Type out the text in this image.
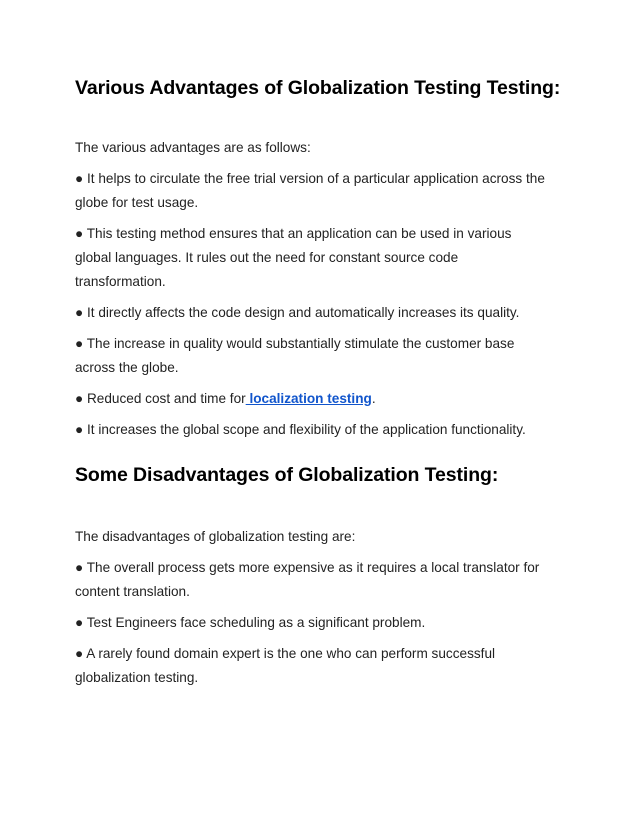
Various Advantages of Globalization Testing Testing:

The various advantages are as follows:

● It helps to circulate the free trial version of a particular application across the

globe for test usage.

● This testing method ensures that an application can be used in various

global languages. It rules out the need for constant source code

transformation.

● It directly affects the code design and automatically increases its quality.

● The increase in quality would substantially stimulate the customer base

across the globe.

● Reduced cost and time for localization testing.

● It increases the global scope and flexibility of the application functionality.

Some Disadvantages of Globalization Testing:

The disadvantages of globalization testing are:

● The overall process gets more expensive as it requires a local translator for

content translation.

● Test Engineers face scheduling as a significant problem.

● A rarely found domain expert is the one who can perform successful

globalization testing.
